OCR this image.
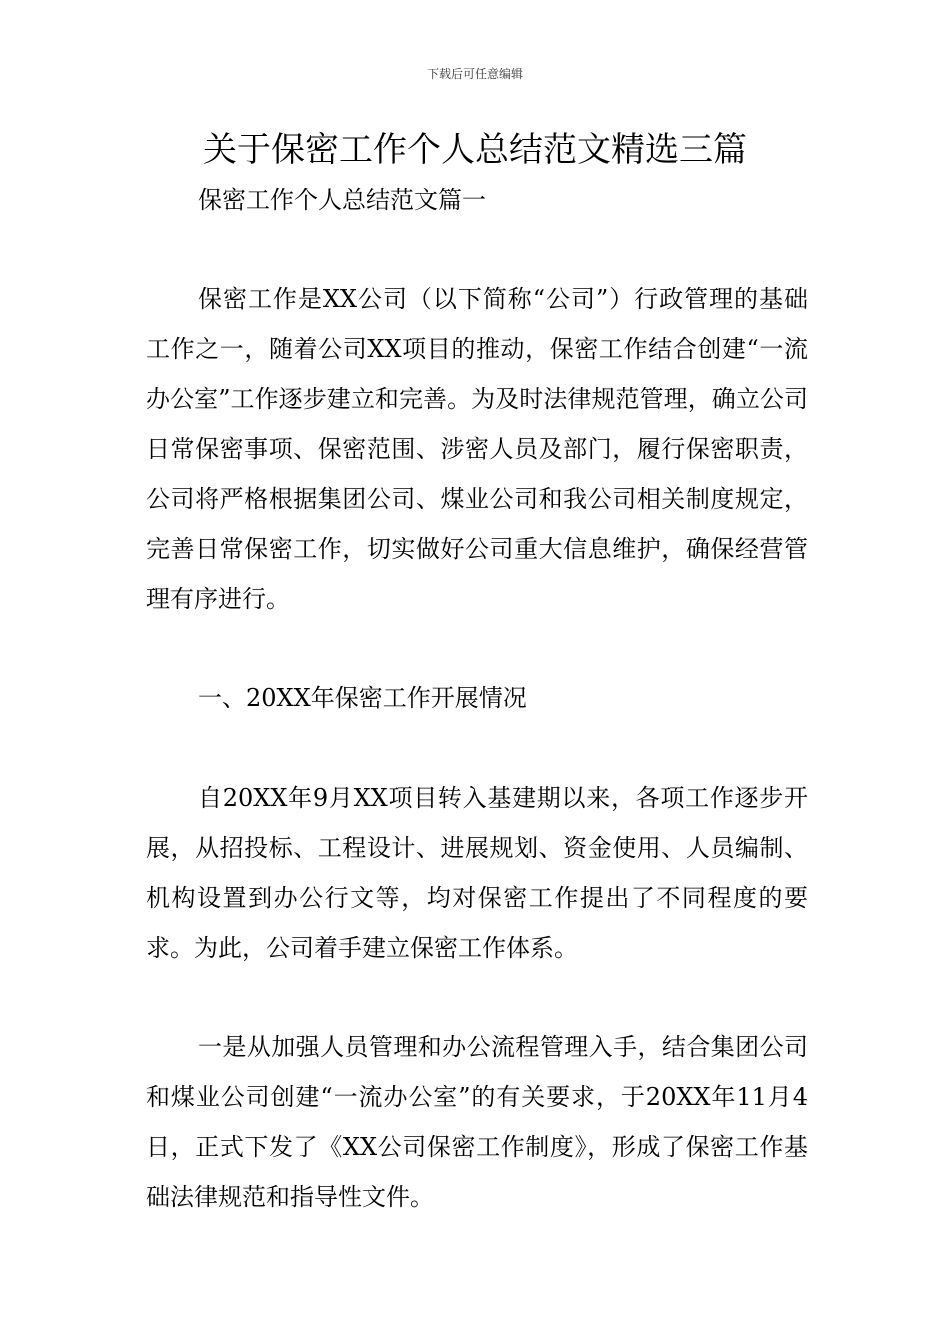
下载后可任意编辑
关于保密工作个人总结范文精选三篇

保密工作个人总结范文篇一

保密工作是XX公司（以下简称“公司”）行政管理的基础工作之一，随着公司XX项目的推动，保密工作结合创建“一流办公室”工作逐步建立和完善。为及时法律规范管理，确立公司日常保密事项、保密范围、涉密人员及部门，履行保密职责，公司将严格根据集团公司、煤业公司和我公司相关制度规定，完善日常保密工作，切实做好公司重大信息维护，确保经营管理有序进行。

一、20XX年保密工作开展情况

自20XX年9月XX项目转入基建期以来，各项工作逐步开展，从招投标、工程设计、进展规划、资金使用、人员编制、机构设置到办公行文等，均对保密工作提出了不同程度的要求。为此，公司着手建立保密工作体系。

一是从加强人员管理和办公流程管理入手，结合集团公司和煤业公司创建“一流办公室”的有关要求，于20XX年11月4日，正式下发了《XX公司保密工作制度》，形成了保密工作基础法律规范和指导性文件。
